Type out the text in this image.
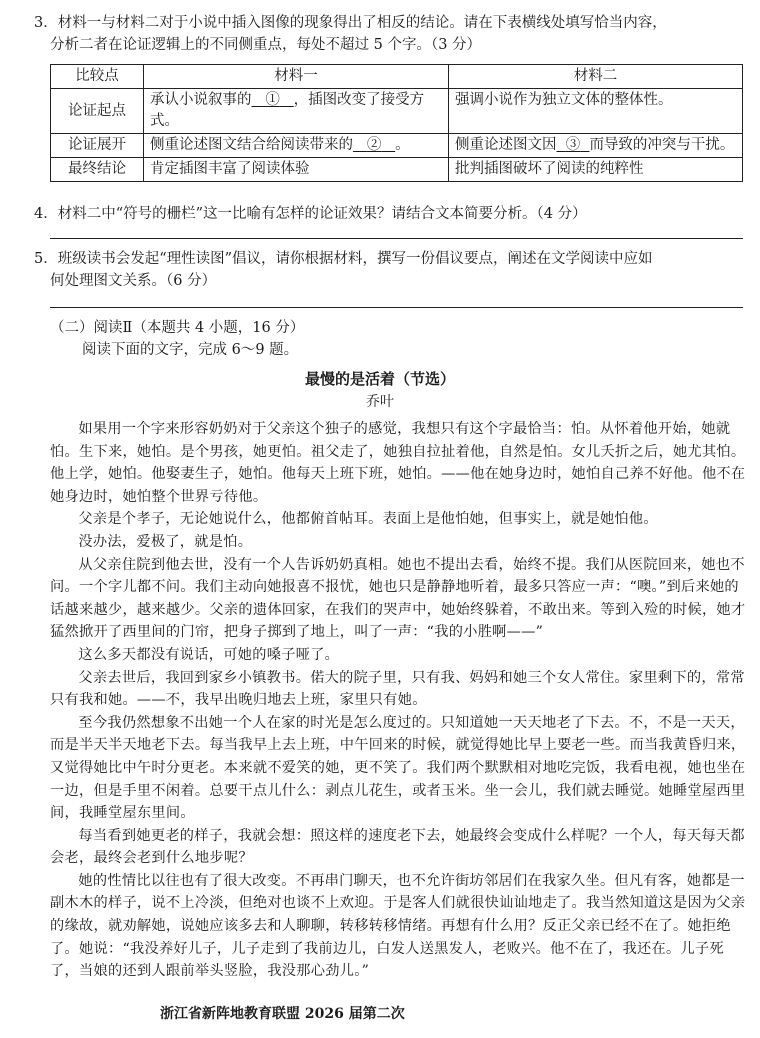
3．材料一与材料二对于小说中插入图像的现象得出了相反的结论。请在下表横线处填写恰当内容，
分析二者在论证逻辑上的不同侧重点，每处不超过 5 个字。（3 分）
比较点	材料一	材料二
论证起点	承认小说叙事的 ① ，插图改变了接受方式。	强调小说作为独立文体的整体性。
论证展开	侧重论述图文结合给阅读带来的 ② 。	侧重论述图文因 ③ 而导致的冲突与干扰。
最终结论	肯定插图丰富了阅读体验	批判插图破坏了阅读的纯粹性
4．材料二中“符号的栅栏”这一比喻有怎样的论证效果？请结合文本简要分析。（4 分）
5．班级读书会发起“理性读图”倡议，请你根据材料，撰写一份倡议要点，阐述在文学阅读中应如
何处理图文关系。（6 分）
（二）阅读Ⅱ（本题共 4 小题，16 分）
阅读下面的文字，完成 6～9 题。
最慢的是活着（节选）
乔叶

如果用一个字来形容奶奶对于父亲这个独子的感觉，我想只有这个字最恰当：怕。从怀着他开始，她就怕。生下来，她怕。是个男孩，她更怕。祖父走了，她独自拉扯着他，自然是怕。女儿夭折之后，她尤其怕。他上学，她怕。他娶妻生子，她怕。他每天上班下班，她怕。——他在她身边时，她怕自己养不好他。他不在她身边时，她怕整个世界亏待他。

父亲是个孝子，无论她说什么，他都俯首帖耳。表面上是他怕她，但事实上，就是她怕他。

没办法，爱极了，就是怕。

从父亲住院到他去世，没有一个人告诉奶奶真相。她也不提出去看，始终不提。我们从医院回来，她也不问。一个字儿都不问。我们主动向她报喜不报忧，她也只是静静地听着，最多只答应一声：“噢。”到后来她的话越来越少，越来越少。父亲的遗体回家，在我们的哭声中，她始终躲着，不敢出来。等到入殓的时候，她才猛然掀开了西里间的门帘，把身子掷到了地上，叫了一声：“我的小胜啊——”

这么多天都没有说话，可她的嗓子哑了。

父亲去世后，我回到家乡小镇教书。偌大的院子里，只有我、妈妈和她三个女人常住。家里剩下的，常常只有我和她。——不，我早出晚归地去上班，家里只有她。

至今我仍然想象不出她一个人在家的时光是怎么度过的。只知道她一天天地老了下去。不，不是一天天，而是半天半天地老下去。每当我早上去上班，中午回来的时候，就觉得她比早上要老一些。而当我黄昏归来，又觉得她比中午时分更老。本来就不爱笑的她，更不笑了。我们两个默默相对地吃完饭，我看电视，她也坐在一边，但是手里不闲着。总要干点儿什么：剥点儿花生，或者玉米。坐一会儿，我们就去睡觉。她睡堂屋西里间，我睡堂屋东里间。

每当看到她更老的样子，我就会想：照这样的速度老下去，她最终会变成什么样呢？一个人，每天每天都会老，最终会老到什么地步呢？

她的性情比以往也有了很大改变。不再串门聊天，也不允许街坊邻居们在我家久坐。但凡有客，她都是一副木木的样子，说不上冷淡，但绝对也谈不上欢迎。于是客人们就很快讪讪地走了。我当然知道这是因为父亲的缘故，就劝解她，说她应该多去和人聊聊，转移转移情绪。再想有什么用？反正父亲已经不在了。她拒绝了。她说：“我没养好儿子，儿子走到了我前边儿，白发人送黑发人，老败兴。他不在了，我还在。儿子死了，当娘的还到人跟前举头竖脸，我没那心劲儿。”

浙江省新阵地教育联盟 2026 届第二次
